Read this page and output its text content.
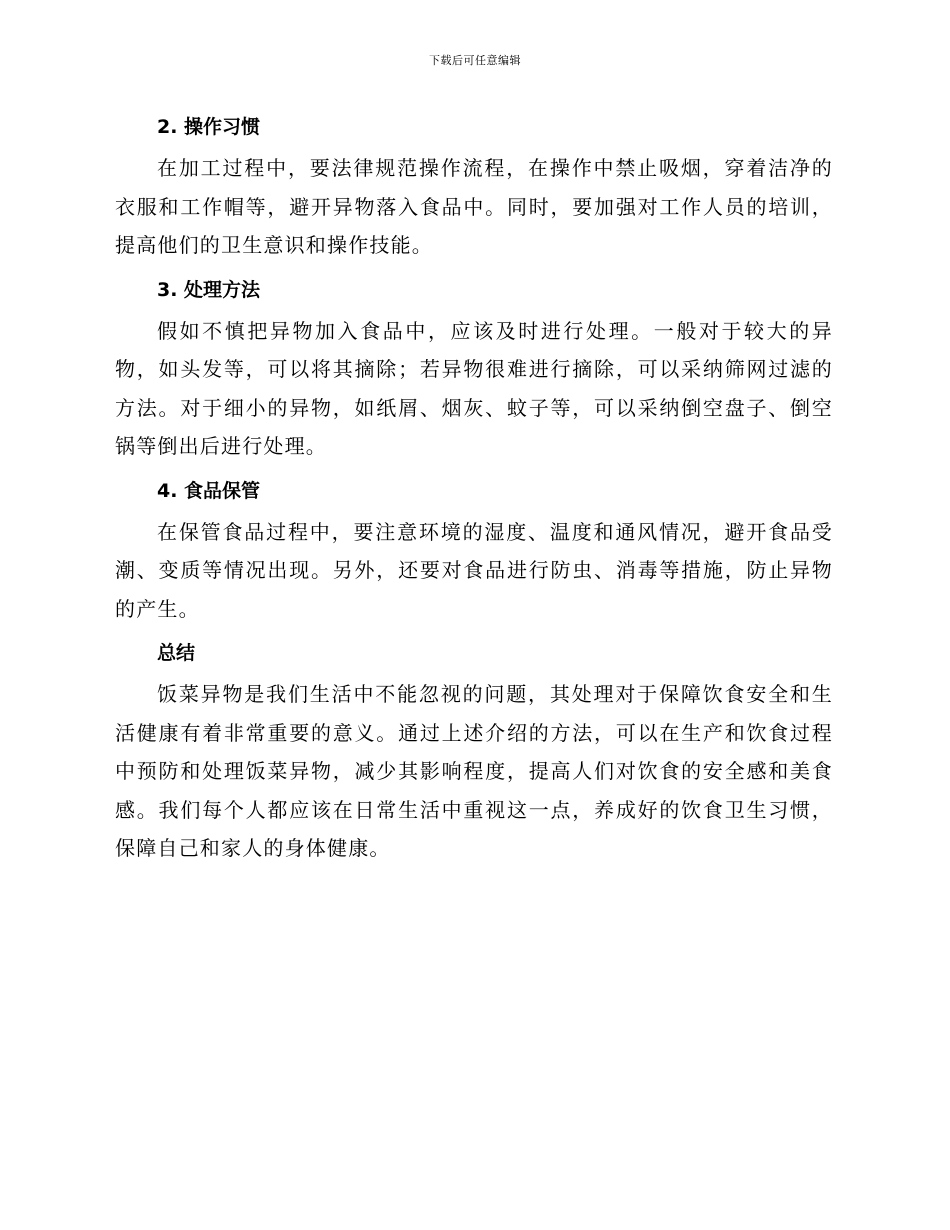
下载后可任意编辑
2. 操作习惯

在加工过程中，要法律规范操作流程，在操作中禁止吸烟，穿着洁净的衣服和工作帽等，避开异物落入食品中。同时，要加强对工作人员的培训，提高他们的卫生意识和操作技能。

3. 处理方法

假如不慎把异物加入食品中，应该及时进行处理。一般对于较大的异物，如头发等，可以将其摘除；若异物很难进行摘除，可以采纳筛网过滤的方法。对于细小的异物，如纸屑、烟灰、蚊子等，可以采纳倒空盘子、倒空锅等倒出后进行处理。

4. 食品保管

在保管食品过程中，要注意环境的湿度、温度和通风情况，避开食品受潮、变质等情况出现。另外，还要对食品进行防虫、消毒等措施，防止异物的产生。

总结

饭菜异物是我们生活中不能忽视的问题，其处理对于保障饮食安全和生活健康有着非常重要的意义。通过上述介绍的方法，可以在生产和饮食过程中预防和处理饭菜异物，减少其影响程度，提高人们对饮食的安全感和美食感。我们每个人都应该在日常生活中重视这一点，养成好的饮食卫生习惯，保障自己和家人的身体健康。
